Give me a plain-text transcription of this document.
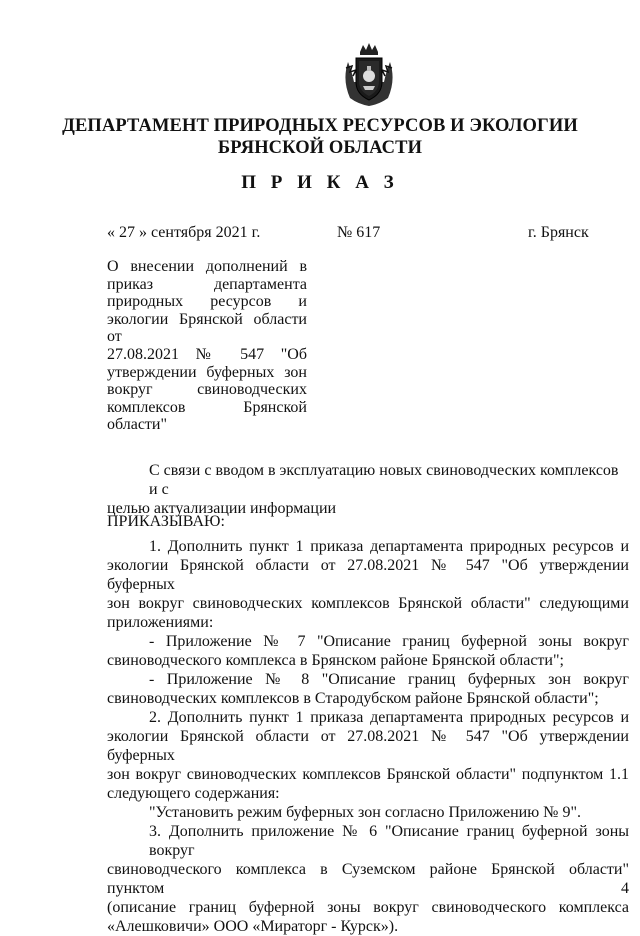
ДЕПАРТАМЕНТ ПРИРОДНЫХ РЕСУРСОВ И ЭКОЛОГИИ
БРЯНСКОЙ ОБЛАСТИ
П Р И К А З
« 27 » сентября 2021 г.	№ 617	г. Брянск
О внесении дополнений в
приказ департамента
природных ресурсов и
экологии Брянской области от
27.08.2021 № 547 "Об
утверждении буферных зон
вокруг свиноводческих
комплексов Брянской
области"
С связи с вводом в эксплуатацию новых свиноводческих комплексов и с
целью актуализации информации
ПРИКАЗЫВАЮ:
1. Дополнить пункт 1 приказа департамента природных ресурсов и
экологии Брянской области от 27.08.2021 № 547 "Об утверждении буферных
зон вокруг свиноводческих комплексов Брянской области" следующими
приложениями:
- Приложение № 7 "Описание границ буферной зоны вокруг
свиноводческого комплекса в Брянском районе Брянской области";
- Приложение № 8 "Описание границ буферных зон вокруг
свиноводческих комплексов в Стародубском районе Брянской области";
2. Дополнить пункт 1 приказа департамента природных ресурсов и
экологии Брянской области от 27.08.2021 № 547 "Об утверждении буферных
зон вокруг свиноводческих комплексов Брянской области" подпунктом 1.1
следующего содержания:
"Установить режим буферных зон согласно Приложению № 9".
3. Дополнить приложение № 6 "Описание границ буферной зоны вокруг
свиноводческого комплекса в Суземском районе Брянской области" пунктом 4
(описание границ буферной зоны вокруг свиноводческого комплекса
«Алешковичи» ООО «Мираторг - Курск»).
